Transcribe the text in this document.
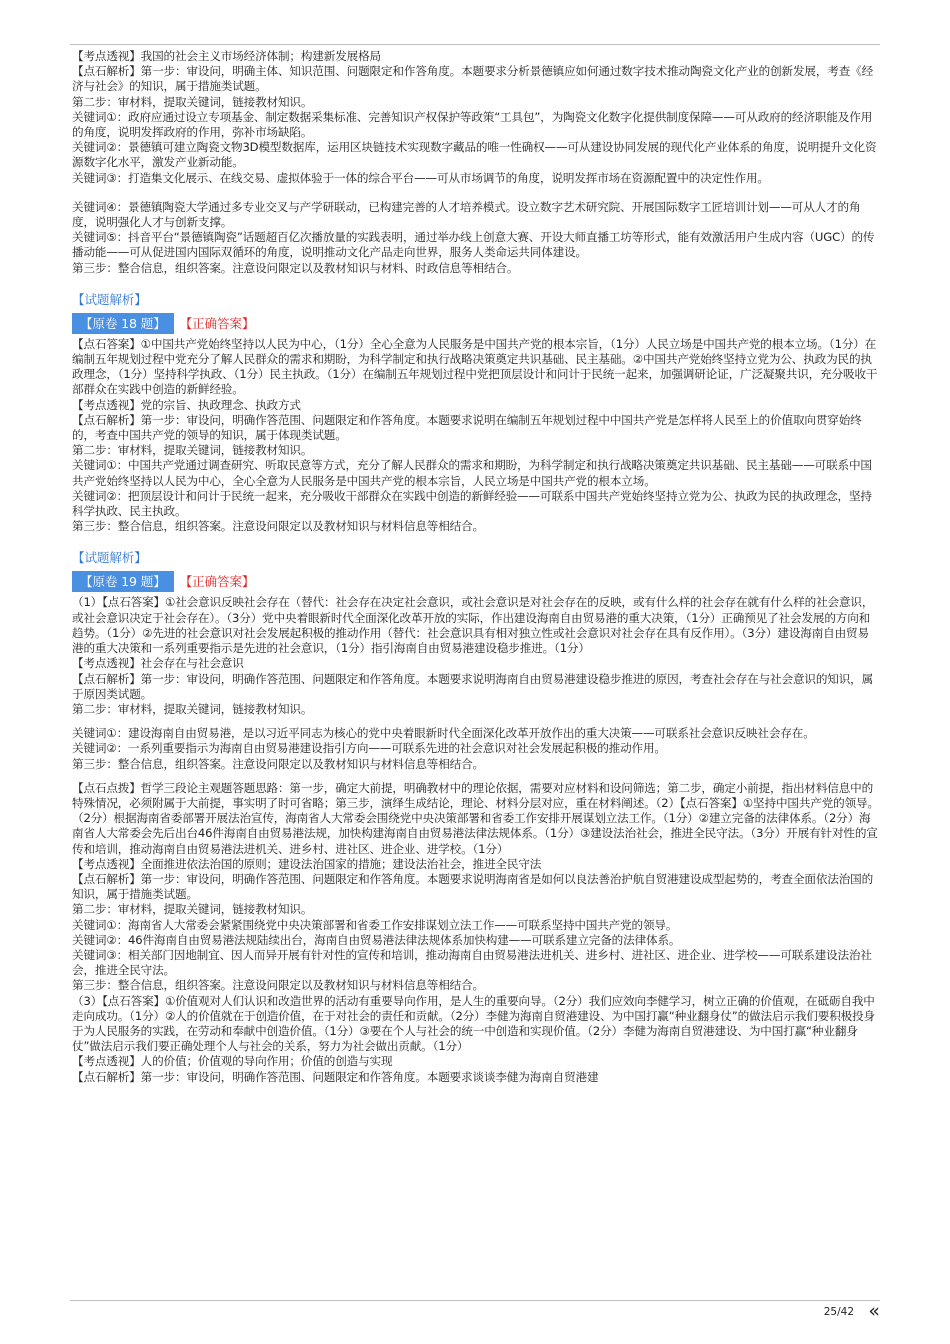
【考点透视】我国的社会主义市场经济体制；构建新发展格局

【点石解析】第一步：审设问，明确主体、知识范围、问题限定和作答角度。本题要求分析景德镇应如何通过数字技术推动陶瓷文化产业的创新发展，考查《经济与社会》的知识，属于措施类试题。

第二步：审材料，提取关键词，链接教材知识。

关键词①：政府应通过设立专项基金、制定数据采集标准、完善知识产权保护等政策“工具包”，为陶瓷文化数字化提供制度保障——可从政府的经济职能及作用的角度，说明发挥政府的作用，弥补市场缺陷。

关键词②：景德镇可建立陶瓷文物3D模型数据库，运用区块链技术实现数字藏品的唯一性确权——可从建设协同发展的现代化产业体系的角度，说明提升文化资源数字化水平，激发产业新动能。

关键词③：打造集文化展示、在线交易、虚拟体验于一体的综合平台——可从市场调节的角度，说明发挥市场在资源配置中的决定性作用。

关键词④：景德镇陶瓷大学通过多专业交叉与产学研联动，已构建完善的人才培养模式。设立数字艺术研究院、开展国际数字工匠培训计划——可从人才的角度，说明强化人才与创新支撑。

关键词⑤：抖音平台“景德镇陶瓷”话题超百亿次播放量的实践表明，通过举办线上创意大赛、开设大师直播工坊等形式，能有效激活用户生成内容（UGC）的传播动能——可从促进国内国际双循环的角度，说明推动文化产品走向世界，服务人类命运共同体建设。

第三步：整合信息，组织答案。注意设问限定以及教材知识与材料、时政信息等相结合。

【试题解析】

【原卷 18 题】	【正确答案】

【点石答案】①中国共产党始终坚持以人民为中心，（1分）全心全意为人民服务是中国共产党的根本宗旨，（1分）人民立场是中国共产党的根本立场。（1分）在编制五年规划过程中党充分了解人民群众的需求和期盼，为科学制定和执行战略决策奠定共识基础、民主基础。②中国共产党始终坚持立党为公、执政为民的执政理念，（1分）坚持科学执政、（1分）民主执政。（1分）在编制五年规划过程中党把顶层设计和问计于民统一起来，加强调研论证，广泛凝聚共识，充分吸收干部群众在实践中创造的新鲜经验。

【考点透视】党的宗旨、执政理念、执政方式

【点石解析】第一步：审设问，明确作答范围、问题限定和作答角度。本题要求说明在编制五年规划过程中中国共产党是怎样将人民至上的价值取向贯穿始终的，考查中国共产党的领导的知识，属于体现类试题。

第二步：审材料，提取关键词，链接教材知识。

关键词①：中国共产党通过调查研究、听取民意等方式，充分了解人民群众的需求和期盼，为科学制定和执行战略决策奠定共识基础、民主基础——可联系中国共产党始终坚持以人民为中心，全心全意为人民服务是中国共产党的根本宗旨，人民立场是中国共产党的根本立场。

关键词②：把顶层设计和问计于民统一起来，充分吸收干部群众在实践中创造的新鲜经验——可联系中国共产党始终坚持立党为公、执政为民的执政理念，坚持科学执政、民主执政。

第三步：整合信息，组织答案。注意设问限定以及教材知识与材料信息等相结合。

【试题解析】

【原卷 19 题】	【正确答案】

（1）【点石答案】①社会意识反映社会存在（替代：社会存在决定社会意识，或社会意识是对社会存在的反映，或有什么样的社会存在就有什么样的社会意识，或社会意识决定于社会存在）。（3分）党中央着眼新时代全面深化改革开放的实际，作出建设海南自由贸易港的重大决策，（1分）正确预见了社会发展的方向和趋势。（1分）②先进的社会意识对社会发展起积极的推动作用（替代：社会意识具有相对独立性或社会意识对社会存在具有反作用）。（3分）建设海南自由贸易港的重大决策和一系列重要指示是先进的社会意识，（1分）指引海南自由贸易港建设稳步推进。（1分）

【考点透视】社会存在与社会意识

【点石解析】第一步：审设问，明确作答范围、问题限定和作答角度。本题要求说明海南自由贸易港建设稳步推进的原因，考查社会存在与社会意识的知识，属于原因类试题。

第二步：审材料，提取关键词，链接教材知识。

关键词①：建设海南自由贸易港，是以习近平同志为核心的党中央着眼新时代全面深化改革开放作出的重大决策——可联系社会意识反映社会存在。

关键词②：一系列重要指示为海南自由贸易港建设指引方向——可联系先进的社会意识对社会发展起积极的推动作用。

第三步：整合信息，组织答案。注意设问限定以及教材知识与材料信息等相结合。

【点石点拨】哲学三段论主观题答题思路：第一步，确定大前提，明确教材中的理论依据，需要对应材料和设问筛选；第二步，确定小前提，指出材料信息中的特殊情况，必须附属于大前提，事实明了时可省略；第三步，演绎生成结论，理论、材料分层对应，重在材料阐述。（2）【点石答案】①坚持中国共产党的领导。（2分）根据海南省委部署开展法治宣传，海南省人大常委会围绕党中央决策部署和省委工作安排开展谋划立法工作。（1分）②建立完备的法律体系。（2分）海南省人大常委会先后出台46件海南自由贸易港法规，加快构建海南自由贸易港法律法规体系。（1分）③建设法治社会，推进全民守法。（3分）开展有针对性的宣传和培训，推动海南自由贸易港法进机关、进乡村、进社区、进企业、进学校。（1分）

【考点透视】全面推进依法治国的原则；建设法治国家的措施；建设法治社会，推进全民守法

【点石解析】第一步：审设问，明确作答范围、问题限定和作答角度。本题要求说明海南省是如何以良法善治护航自贸港建设成型起势的，考查全面依法治国的知识，属于措施类试题。

第二步：审材料，提取关键词，链接教材知识。

关键词①：海南省人大常委会紧紧围绕党中央决策部署和省委工作安排谋划立法工作——可联系坚持中国共产党的领导。

关键词②：46件海南自由贸易港法规陆续出台，海南自由贸易港法律法规体系加快构建——可联系建立完备的法律体系。

关键词③：相关部门因地制宜、因人而异开展有针对性的宣传和培训，推动海南自由贸易港法进机关、进乡村、进社区、进企业、进学校——可联系建设法治社会，推进全民守法。

第三步：整合信息，组织答案。注意设问限定以及教材知识与材料信息等相结合。

（3）【点石答案】①价值观对人们认识和改造世界的活动有重要导向作用，是人生的重要向导。（2分）我们应效向李健学习，树立正确的价值观，在砥砺自我中走向成功。（1分）②人的价值就在于创造价值，在于对社会的责任和贡献。（2分）李健为海南自贸港建设、为中国打赢“种业翻身仗”的做法启示我们要积极投身于为人民服务的实践，在劳动和奉献中创造价值。（1分）③要在个人与社会的统一中创造和实现价值。（2分）李健为海南自贸港建设、为中国打赢“种业翻身仗”做法启示我们要正确处理个人与社会的关系，努力为社会做出贡献。（1分）

【考点透视】人的价值；价值观的导向作用；价值的创造与实现

【点石解析】第一步：审设问，明确作答范围、问题限定和作答角度。本题要求谈谈李健为海南自贸港建

25/42 «
